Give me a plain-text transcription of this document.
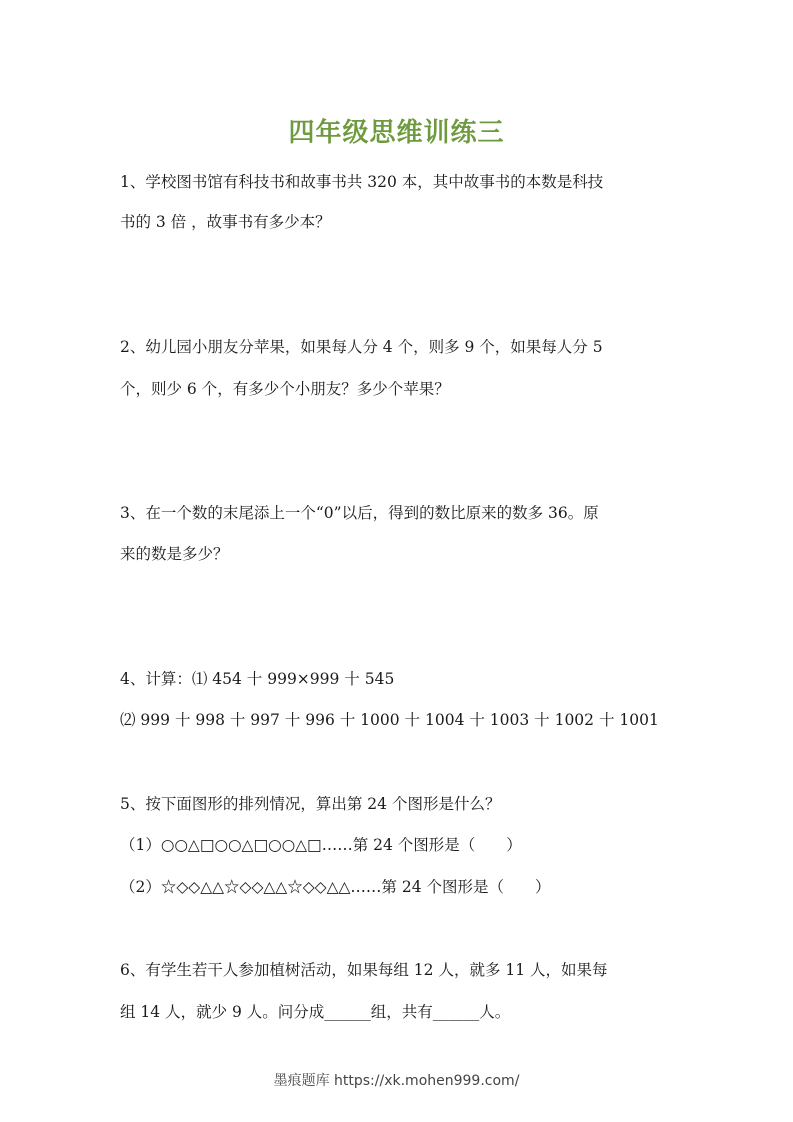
四年级思维训练三
1、学校图书馆有科技书和故事书共 320 本，其中故事书的本数是科技
书的 3 倍 ，故事书有多少本？
2、幼儿园小朋友分苹果，如果每人分 4 个，则多 9 个，如果每人分 5
个，则少 6 个，有多少个小朋友？多少个苹果？
3、在一个数的末尾添上一个“0”以后，得到的数比原来的数多 36。原
来的数是多少？
4、计算：⑴ 454 十 999×999 十 545
⑵ 999 十 998 十 997 十 996 十 1000 十 1004 十 1003 十 1002 十 1001
5、按下面图形的排列情况，算出第 24 个图形是什么？
（1）○○△□○○△□○○△□……第 24 个图形是（　　）
（2）☆◇◇△△☆◇◇△△☆◇◇△△……第 24 个图形是（　　）
6、有学生若干人参加植树活动，如果每组 12 人，就多 11 人，如果每
组 14 人，就少 9 人。问分成______组，共有______人。
墨痕题库 https://xk.mohen999.com/
